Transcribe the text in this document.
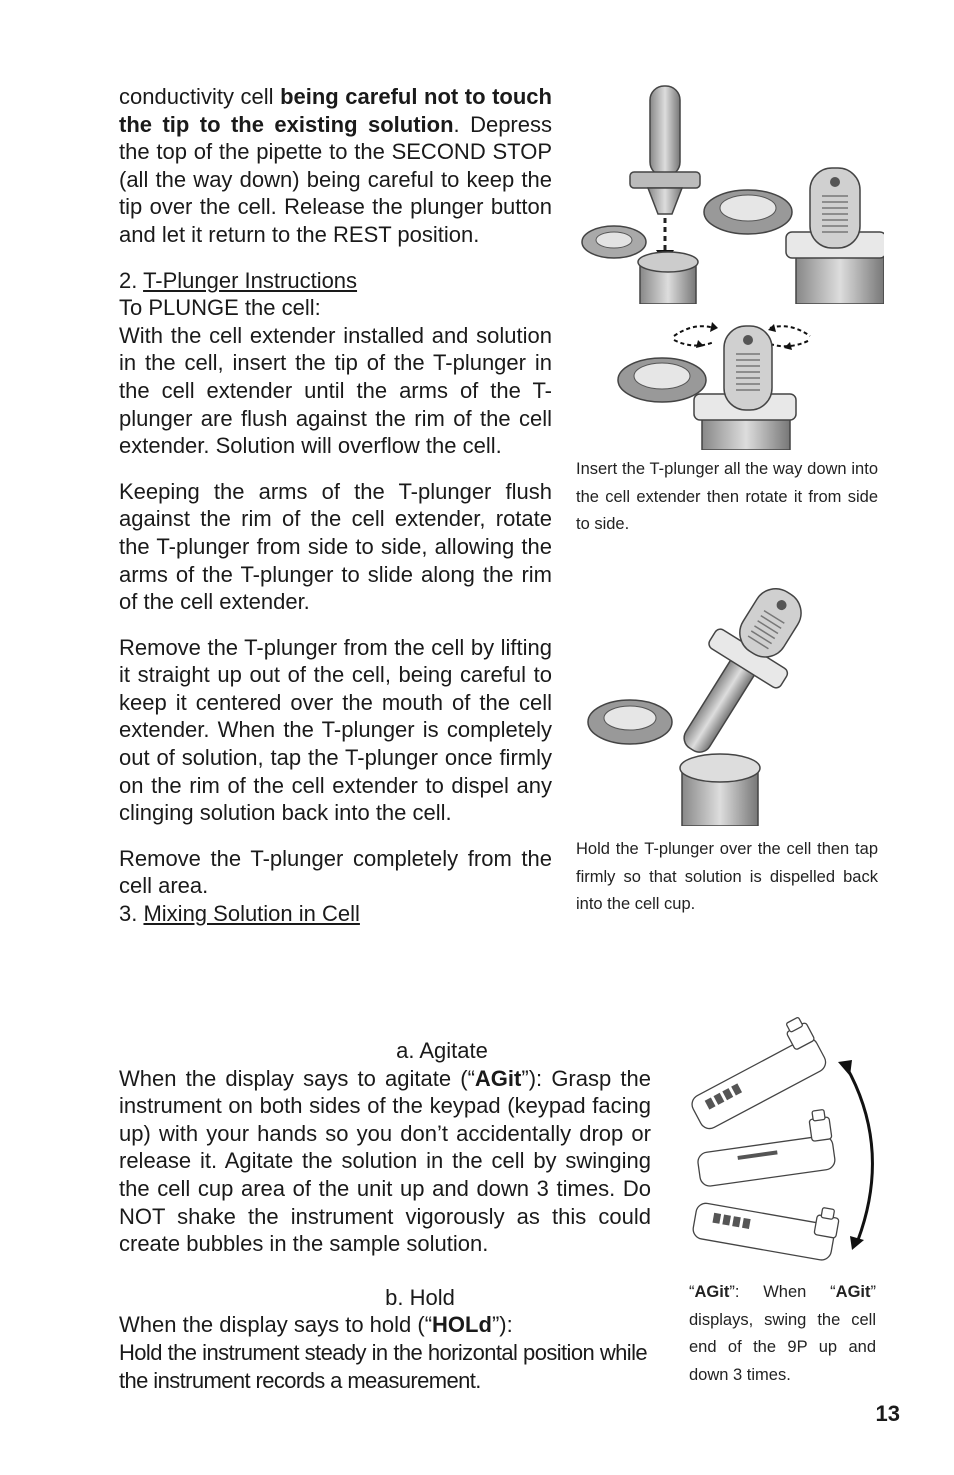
conductivity cell being careful not to touch the tip to the existing solution. Depress the top of the pipette to the SECOND STOP (all the way down) being careful to keep the tip over the cell. Release the plunger button and let it return to the REST position.

2. T-Plunger Instructions

To PLUNGE the cell:

With the cell extender installed and solution in the cell, insert the tip of the T-plunger in the cell extender until the arms of the T-plunger are flush against the rim of the cell extender. Solution will overflow the cell.

Keeping the arms of the T-plunger flush against the rim of the cell extender, rotate the T-plunger from side to side, allowing the arms of the T-plunger to slide along the rim of the cell extender.

Remove the T-plunger from the cell by lifting it straight up out of the cell, being careful to keep it centered over the mouth of the cell extender. When the T-plunger is completely out of solution, tap the T-plunger once firmly on the rim of the cell extender to dispel any clinging solution back into the cell.

Remove the T-plunger completely from the cell area.

3. Mixing Solution in Cell

a. Agitate

When the display says to agitate (“AGit”): Grasp the instrument on both sides of the keypad (keypad facing up) with your hands so you don’t accidentally drop or release it. Agitate the solution in the cell by swinging the cell cup area of the unit up and down 3 times. Do NOT shake the instrument vigorously as this could create bubbles in the sample solution.

b. Hold

When the display says to hold (“HOLd”):

Hold the instrument steady in the horizontal position while the instrument records a measurement.

Insert the T-plunger all the way down into the cell extender then rotate it from side to side.
Hold the T-plunger over the cell then tap firmly so that solution is dispelled back into the cell cup.
“AGit”: When “AGit” displays, swing the cell end of the 9P up and down 3 times.
13
